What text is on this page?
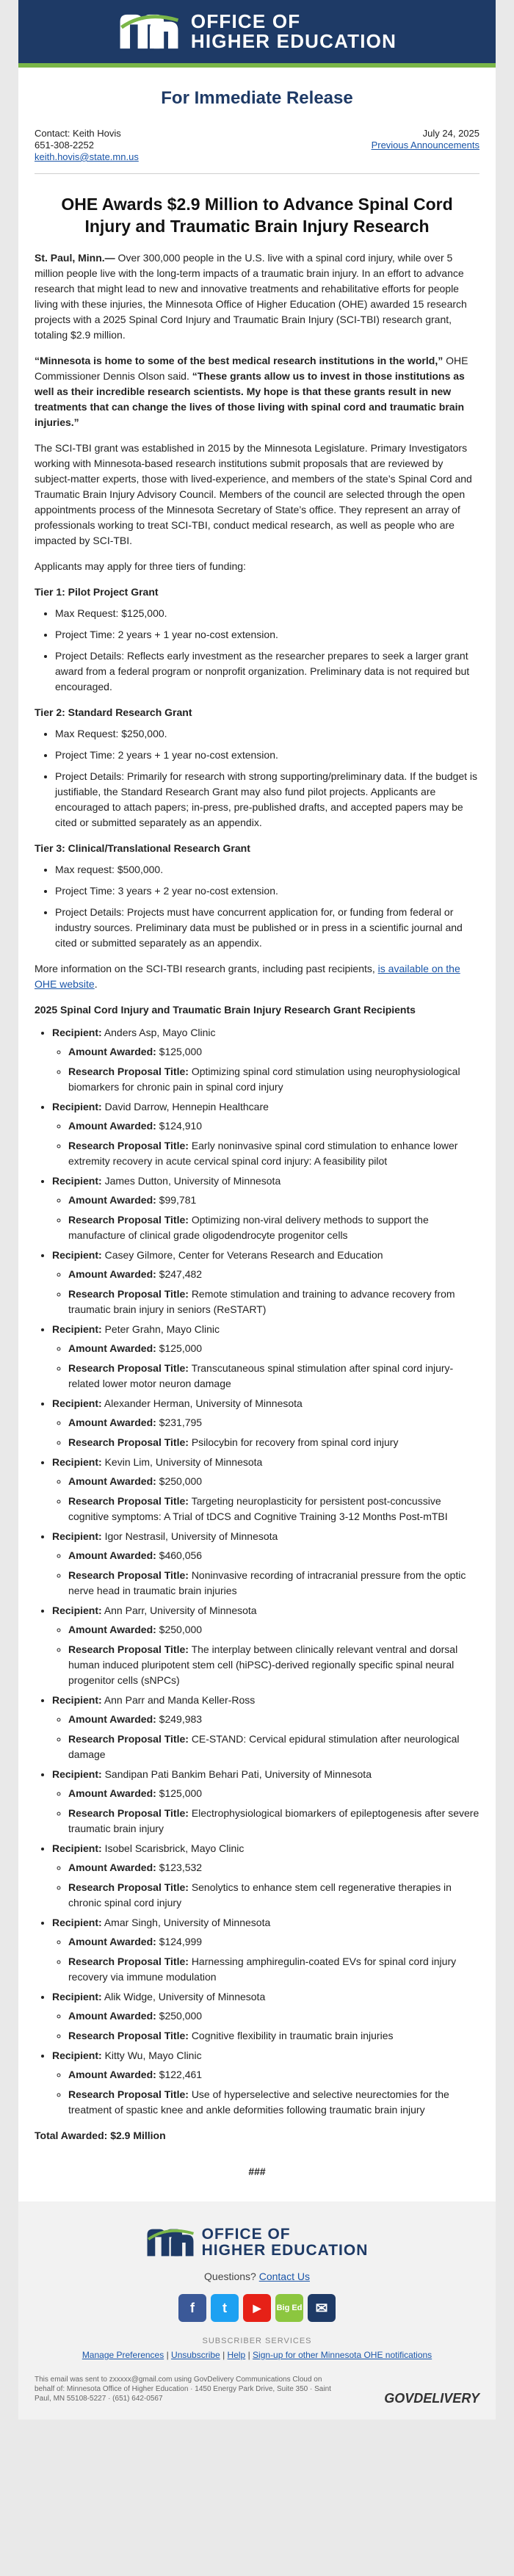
OFFICE OF
HIGHER EDUCATION
For Immediate Release
Contact: Keith Hovis
651-308-2252
keith.hovis@state.mn.us
July 24, 2025
Previous Announcements
OHE Awards $2.9 Million to Advance Spinal Cord Injury and Traumatic Brain Injury Research

St. Paul, Minn.— Over 300,000 people in the U.S. live with a spinal cord injury, while over 5 million people live with the long-term impacts of a traumatic brain injury. In an effort to advance research that might lead to new and innovative treatments and rehabilitative efforts for people living with these injuries, the Minnesota Office of Higher Education (OHE) awarded 15 research projects with a 2025 Spinal Cord Injury and Traumatic Brain Injury (SCI-TBI) research grant, totaling $2.9 million.

“Minnesota is home to some of the best medical research institutions in the world,” OHE Commissioner Dennis Olson said. “These grants allow us to invest in those institutions as well as their incredible research scientists. My hope is that these grants result in new treatments that can change the lives of those living with spinal cord and traumatic brain injuries.”

The SCI-TBI grant was established in 2015 by the Minnesota Legislature. Primary Investigators working with Minnesota-based research institutions submit proposals that are reviewed by subject-matter experts, those with lived-experience, and members of the state’s Spinal Cord and Traumatic Brain Injury Advisory Council. Members of the council are selected through the open appointments process of the Minnesota Secretary of State’s office. They represent an array of professionals working to treat SCI-TBI, conduct medical research, as well as people who are impacted by SCI-TBI.

Applicants may apply for three tiers of funding:

Tier 1: Pilot Project Grant
• Max Request: $125,000.
• Project Time: 2 years + 1 year no-cost extension.
• Project Details: Reflects early investment as the researcher prepares to seek a larger grant award from a federal program or nonprofit organization. Preliminary data is not required but encouraged.
Tier 2: Standard Research Grant
• Max Request: $250,000.
• Project Time: 2 years + 1 year no-cost extension.
• Project Details: Primarily for research with strong supporting/preliminary data. If the budget is justifiable, the Standard Research Grant may also fund pilot projects. Applicants are encouraged to attach papers; in-press, pre-published drafts, and accepted papers may be cited or submitted separately as an appendix.
Tier 3: Clinical/Translational Research Grant
• Max request: $500,000.
• Project Time: 3 years + 2 year no-cost extension.
• Project Details: Projects must have concurrent application for, or funding from federal or industry sources. Preliminary data must be published or in press in a scientific journal and cited or submitted separately as an appendix.

More information on the SCI-TBI research grants, including past recipients, is available on the OHE website.

2025 Spinal Cord Injury and Traumatic Brain Injury Research Grant Recipients
• Recipient: Anders Asp, Mayo Clinic
◦ Amount Awarded: $125,000
◦ Research Proposal Title: Optimizing spinal cord stimulation using neurophysiological biomarkers for chronic pain in spinal cord injury
• Recipient: David Darrow, Hennepin Healthcare
◦ Amount Awarded: $124,910
◦ Research Proposal Title: Early noninvasive spinal cord stimulation to enhance lower extremity recovery in acute cervical spinal cord injury: A feasibility pilot
• Recipient: James Dutton, University of Minnesota
◦ Amount Awarded: $99,781
◦ Research Proposal Title: Optimizing non-viral delivery methods to support the manufacture of clinical grade oligodendrocyte progenitor cells
• Recipient: Casey Gilmore, Center for Veterans Research and Education
◦ Amount Awarded: $247,482
◦ Research Proposal Title: Remote stimulation and training to advance recovery from traumatic brain injury in seniors (ReSTART)
• Recipient: Peter Grahn, Mayo Clinic
◦ Amount Awarded: $125,000
◦ Research Proposal Title: Transcutaneous spinal stimulation after spinal cord injury-related lower motor neuron damage
• Recipient: Alexander Herman, University of Minnesota
◦ Amount Awarded: $231,795
◦ Research Proposal Title: Psilocybin for recovery from spinal cord injury
• Recipient: Kevin Lim, University of Minnesota
◦ Amount Awarded: $250,000
◦ Research Proposal Title: Targeting neuroplasticity for persistent post-concussive cognitive symptoms: A Trial of tDCS and Cognitive Training 3-12 Months Post-mTBI
• Recipient: Igor Nestrasil, University of Minnesota
◦ Amount Awarded: $460,056
◦ Research Proposal Title: Noninvasive recording of intracranial pressure from the optic nerve head in traumatic brain injuries
• Recipient: Ann Parr, University of Minnesota
◦ Amount Awarded: $250,000
◦ Research Proposal Title: The interplay between clinically relevant ventral and dorsal human induced pluripotent stem cell (hiPSC)-derived regionally specific spinal neural progenitor cells (sNPCs)
• Recipient: Ann Parr and Manda Keller-Ross
◦ Amount Awarded: $249,983
◦ Research Proposal Title: CE-STAND: Cervical epidural stimulation after neurological damage
• Recipient: Sandipan Pati Bankim Behari Pati, University of Minnesota
◦ Amount Awarded: $125,000
◦ Research Proposal Title: Electrophysiological biomarkers of epileptogenesis after severe traumatic brain injury
• Recipient: Isobel Scarisbrick, Mayo Clinic
◦ Amount Awarded: $123,532
◦ Research Proposal Title: Senolytics to enhance stem cell regenerative therapies in chronic spinal cord injury
• Recipient: Amar Singh, University of Minnesota
◦ Amount Awarded: $124,999
◦ Research Proposal Title: Harnessing amphiregulin-coated EVs for spinal cord injury recovery via immune modulation
• Recipient: Alik Widge, University of Minnesota
◦ Amount Awarded: $250,000
◦ Research Proposal Title: Cognitive flexibility in traumatic brain injuries
• Recipient: Kitty Wu, Mayo Clinic
◦ Amount Awarded: $122,461
◦ Research Proposal Title: Use of hyperselective and selective neurectomies for the treatment of spastic knee and ankle deformities following traumatic brain injury
Total Awarded: $2.9 Million
###
OFFICE OF
HIGHER EDUCATION
Questions? Contact Us
f	t	▶	Big Ed ✉
SUBSCRIBER SERVICES
Manage Preferences | Unsubscribe | Help | Sign-up for other Minnesota OHE notifications
This email was sent to zxxxxx@gmail.com using GovDelivery Communications Cloud on
behalf of: Minnesota Office of Higher Education · 1450 Energy Park Drive, Suite 350 · Saint
Paul, MN 55108-5227 · (651) 642-0567	GOVDELIVERY
